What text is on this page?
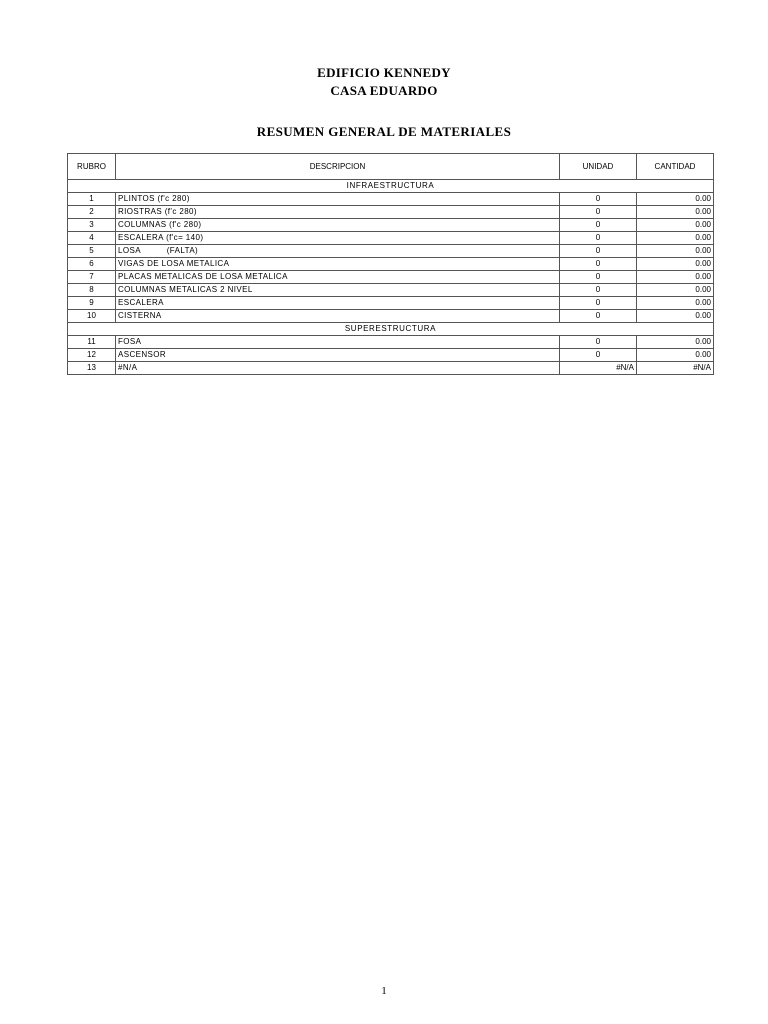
EDIFICIO KENNEDY
CASA EDUARDO
RESUMEN GENERAL DE MATERIALES
RUBRO	DESCRIPCION	UNIDAD	CANTIDAD
INFRAESTRUCTURA			
1	PLINTOS (f'c 280)	0	0.00
2	RIOSTRAS (f'c 280)	0	0.00
3	COLUMNAS (f'c 280)	0	0.00
4	ESCALERA (f'c= 140)	0	0.00
5	LOSA          (FALTA)	0	0.00
6	VIGAS DE LOSA METALICA	0	0.00
7	PLACAS METALICAS DE LOSA METALICA	0	0.00
8	COLUMNAS METALICAS 2 NIVEL	0	0.00
9	ESCALERA	0	0.00
10	CISTERNA	0	0.00
SUPERESTRUCTURA			
11	FOSA	0	0.00
12	ASCENSOR	0	0.00
13	#N/A	#N/A	#N/A
1
